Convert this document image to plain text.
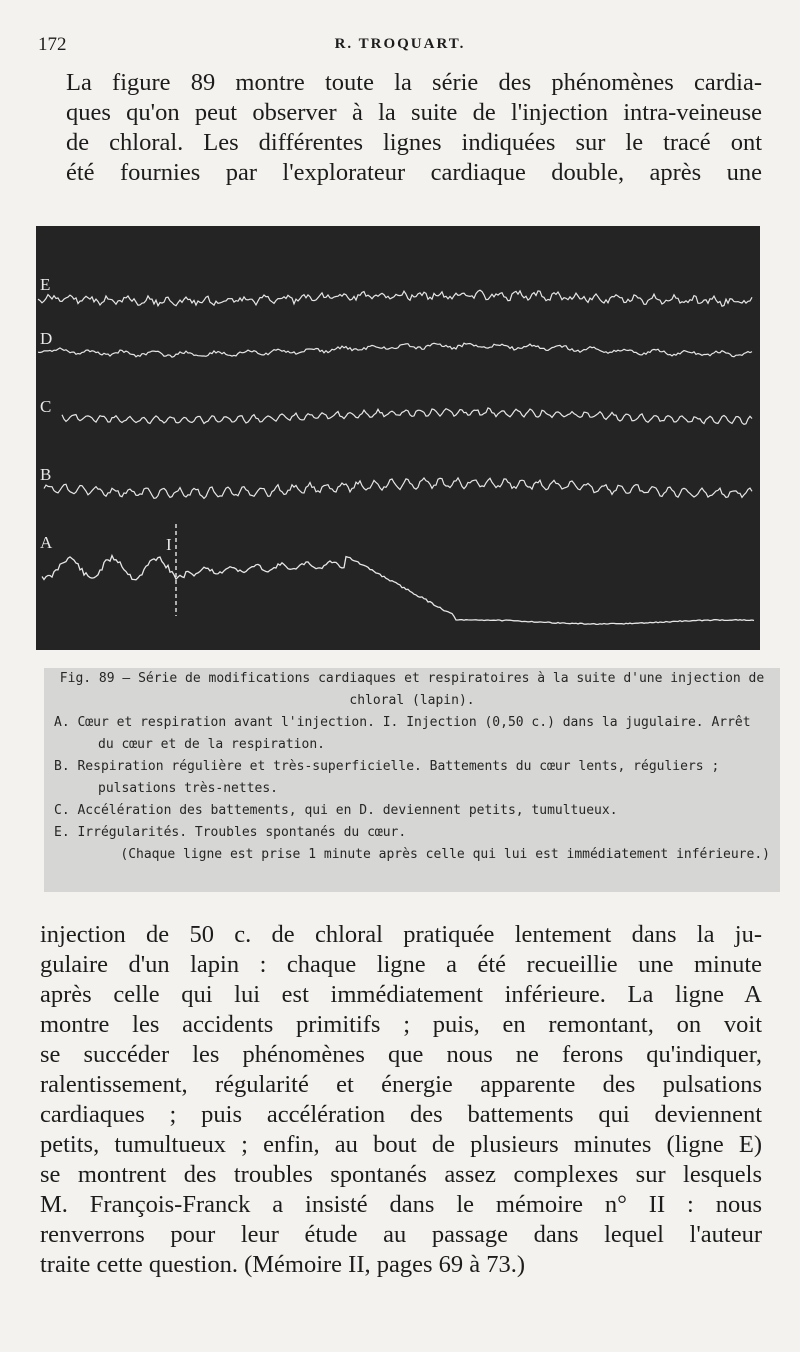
172	R. TROQUART.

La figure 89 montre toute la série des phénomènes cardia-
ques qu'on peut observer à la suite de l'injection intra-veineuse
de chloral. Les différentes lignes indiquées sur le tracé ont
été fournies par l'explorateur cardiaque double, après une

E
D
C
B
A	I
Fig. 89 — Série de modifications cardiaques et respiratoires à la suite d'une injection de chloral (lapin).
A. Cœur et respiration avant l'injection. I. Injection (0,50 c.) dans la jugulaire. Arrêt du cœur et de la respiration.
B. Respiration régulière et très-superficielle. Battements du cœur lents, réguliers ; pulsations très-nettes.
C. Accélération des battements, qui en D. deviennent petits, tumultueux.
E. Irrégularités. Troubles spontanés du cœur.
(Chaque ligne est prise 1 minute après celle qui lui est immédiatement inférieure.)

injection de 50 c. de chloral pratiquée lentement dans la ju-
gulaire d'un lapin : chaque ligne a été recueillie une minute
après celle qui lui est immédiatement inférieure. La ligne A
montre les accidents primitifs ; puis, en remontant, on voit
se succéder les phénomènes que nous ne ferons qu'indiquer,
ralentissement, régularité et énergie apparente des pulsations
cardiaques ; puis accélération des battements qui deviennent
petits, tumultueux ; enfin, au bout de plusieurs minutes (ligne E)
se montrent des troubles spontanés assez complexes sur lesquels
M. François-Franck a insisté dans le mémoire n° II : nous
renverrons pour leur étude au passage dans lequel l'auteur
traite cette question. (Mémoire II, pages 69 à 73.)
